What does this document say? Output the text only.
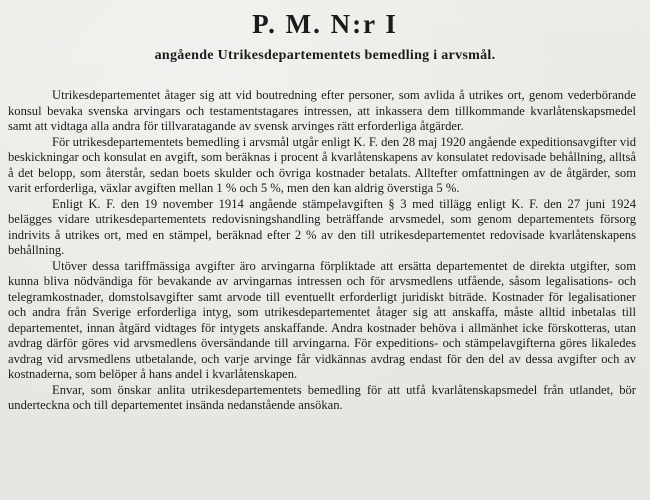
P. M. N:r I
angående Utrikesdepartementets bemedling i arvsmål.

Utrikesdepartementet åtager sig att vid boutredning efter personer, som avlida å utrikes ort, genom vederbörande konsul bevaka svenska arvingars och testamentstagares intressen, att inkassera dem tillkommande kvarlåtenskapsmedel samt att vidtaga alla andra för tillvaratagande av svensk arvinges rätt erforderliga åtgärder.

För utrikesdepartementets bemedling i arvsmål utgår enligt K. F. den 28 maj 1920 angående expeditionsavgifter vid beskickningar och konsulat en avgift, som beräknas i procent å kvarlåtenskapens av konsulatet redovisade behållning, alltså å det belopp, som återstår, sedan boets skulder och övriga kostnader betalats. Alltefter omfattningen av de åtgärder, som varit erforderliga, växlar avgiften mellan 1 % och 5 %, men den kan aldrig överstiga 5 %.

Enligt K. F. den 19 november 1914 angående stämpelavgiften § 3 med tillägg enligt K. F. den 27 juni 1924 belägges vidare utrikesdepartementets redovisningshandling beträffande arvsmedel, som genom departementets försorg indrivits å utrikes ort, med en stämpel, beräknad efter 2 % av den till utrikesdepartementet redovisade kvarlåtenskapens behållning.

Utöver dessa tariffmässiga avgifter äro arvingarna förpliktade att ersätta departementet de direkta utgifter, som kunna bliva nödvändiga för bevakande av arvingarnas intressen och för arvsmedlens utfående, såsom legalisations- och telegramkostnader, domstolsavgifter samt arvode till eventuellt erforderligt juridiskt biträde. Kostnader för legalisationer och andra från Sverige erforderliga intyg, som utrikesdepartementet åtager sig att anskaffa, måste alltid inbetalas till departementet, innan åtgärd vidtages för intygets anskaffande. Andra kostnader behöva i allmänhet icke förskotteras, utan avdrag därför göres vid arvsmedlens översändande till arvingarna. För expeditions- och stämpelavgifterna göres likaledes avdrag vid arvsmedlens utbetalande, och varje arvinge får vidkännas avdrag endast för den del av dessa avgifter och av kostnaderna, som belöper å hans andel i kvarlåtenskapen.

Envar, som önskar anlita utrikesdepartementets bemedling för att utfå kvarlåtenskapsmedel från utlandet, bör underteckna och till departementet insända nedanstående ansökan.
